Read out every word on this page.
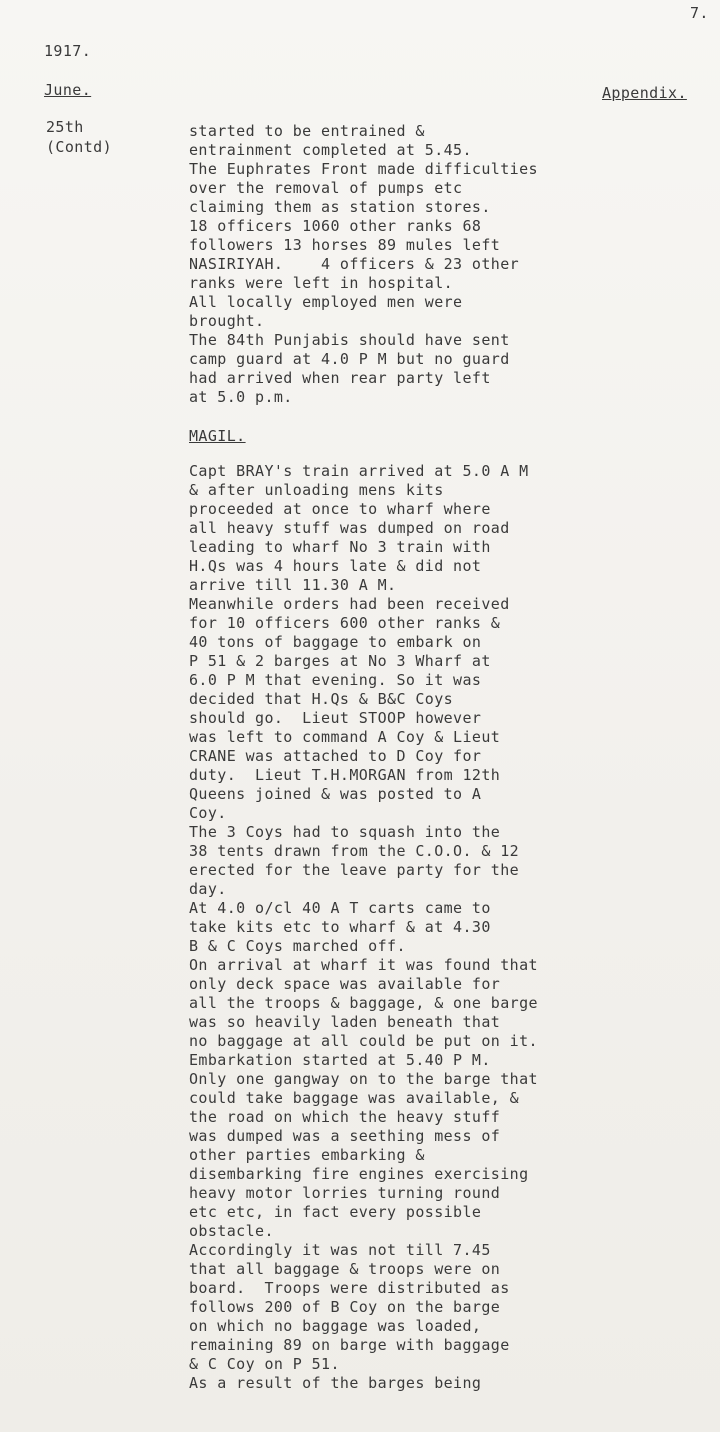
7.
1917.
June.	Appendix.
25th
(Contd)
started to be entrained &
entrainment completed at 5.45.
The Euphrates Front made difficulties
over the removal of pumps etc
claiming them as station stores.
18 officers 1060 other ranks 68
followers 13 horses 89 mules left
NASIRIYAH.    4 officers & 23 other
ranks were left in hospital.
All locally employed men were
brought.
The 84th Punjabis should have sent
camp guard at 4.0 P M but no guard
had arrived when rear party left
at 5.0 p.m.
MAGIL.
Capt BRAY's train arrived at 5.0 A M
& after unloading mens kits
proceeded at once to wharf where
all heavy stuff was dumped on road
leading to wharf No 3 train with
H.Qs was 4 hours late & did not
arrive till 11.30 A M.
Meanwhile orders had been received
for 10 officers 600 other ranks &
40 tons of baggage to embark on
P 51 & 2 barges at No 3 Wharf at
6.0 P M that evening. So it was
decided that H.Qs & B&C Coys
should go.  Lieut STOOP however
was left to command A Coy & Lieut
CRANE was attached to D Coy for
duty.  Lieut T.H.MORGAN from 12th
Queens joined & was posted to A
Coy.
The 3 Coys had to squash into the
38 tents drawn from the C.O.O. & 12
erected for the leave party for the
day.
At 4.0 o/cl 40 A T carts came to
take kits etc to wharf & at 4.30
B & C Coys marched off.
On arrival at wharf it was found that
only deck space was available for
all the troops & baggage, & one barge
was so heavily laden beneath that
no baggage at all could be put on it.
Embarkation started at 5.40 P M.
Only one gangway on to the barge that
could take baggage was available, &
the road on which the heavy stuff
was dumped was a seething mess of
other parties embarking &
disembarking fire engines exercising
heavy motor lorries turning round
etc etc, in fact every possible
obstacle.
Accordingly it was not till 7.45
that all baggage & troops were on
board.  Troops were distributed as
follows 200 of B Coy on the barge
on which no baggage was loaded,
remaining 89 on barge with baggage
& C Coy on P 51.
As a result of the barges being
